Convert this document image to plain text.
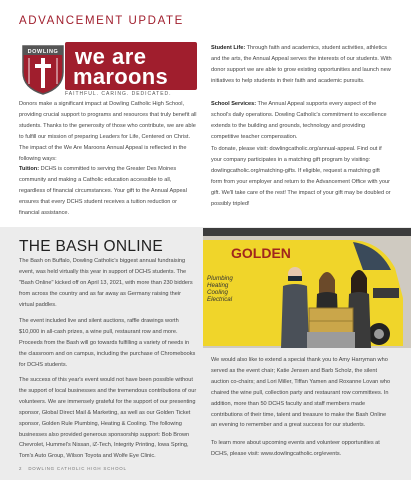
ADVANCEMENT UPDATE
DOWLING we are
maroons
FAITHFUL. CARING. DEDICATED.
Donors make a significant impact at Dowling Catholic High School, providing crucial support to programs and resources that truly benefit all students. Thanks to the generosity of those who contribute, we are able to fulfill our mission of preparing Leaders for Life, Centered on Christ. The impact of the We Are Maroons Annual Appeal is reflected in the following ways:
Tuition: DCHS is committed to serving the Greater Des Moines community and making a Catholic education accessible to all, regardless of financial circumstances. Your gift to the Annual Appeal ensures that every DCHS student receives a tuition reduction or financial assistance.
Student Life: Through faith and academics, student activities, athletics and the arts, the Annual Appeal serves the interests of our students. With donor support we are able to grow existing opportunities and launch new initiatives to help students in their faith and academic pursuits.
School Services: The Annual Appeal supports every aspect of the school's daily operations. Dowling Catholic's commitment to excellence extends to the building and grounds, technology and providing competitive teacher compensation.
To donate, please visit: dowlingcatholic.org/annual-appeal. Find out if your company participates in a matching gift program by visiting: dowlingcatholic.org/matching-gifts. If eligible, request a matching gift form from your employer and return to the Advancement Office with your gift. We'll take care of the rest! The impact of your gift may be doubled or possibly tripled!
THE BASH ONLINE	GOLDEN
Plumbing
Heating
Cooling
Electrical
The Bash on Buffalo, Dowling Catholic's biggest annual fundraising event, was held virtually this year in support of DCHS students. The "Bash Online" kicked off on April 13, 2021, with more than 230 bidders from across the country and as far away as Germany raising their virtual paddles.
The event included live and silent auctions, raffle drawings worth $10,000 in all-cash prizes, a wine pull, restaurant row and more. Proceeds from the Bash will go towards fulfilling a variety of needs in the classroom and on campus, including the purchase of Chromebooks for DCHS students.
The success of this year's event would not have been possible without the support of local businesses and the tremendous contributions of our volunteers. We are immensely grateful for the support of our presenting sponsor, Global Direct Mail & Marketing, as well as our Golden Ticket sponsor, Golden Rule Plumbing, Heating & Cooling. The following businesses also provided generous sponsorship support: Bob Brown Chevrolet, Hummel's Nissan, iZ-Tech, Integrity Printing, Iowa Spring, Tom's Auto Group, Wilson Toyota and Wolfe Eye Clinic.
We would also like to extend a special thank you to Amy Harryman who served as the event chair; Katie Jensen and Barb Scholz, the silent auction co-chairs; and Lori Miller, Tiffan Yamen and Roxanne Lovan who chaired the wine pull, collection party and restaurant row committees. In addition, more than 50 DCHS faculty and staff members made contributions of their time, talent and treasure to make the Bash Online an evening to remember and a great success for our students.
To learn more about upcoming events and volunteer opportunities at DCHS, please visit: www.dowlingcatholic.org/events.
2 DOWLING CATHOLIC HIGH SCHOOL
